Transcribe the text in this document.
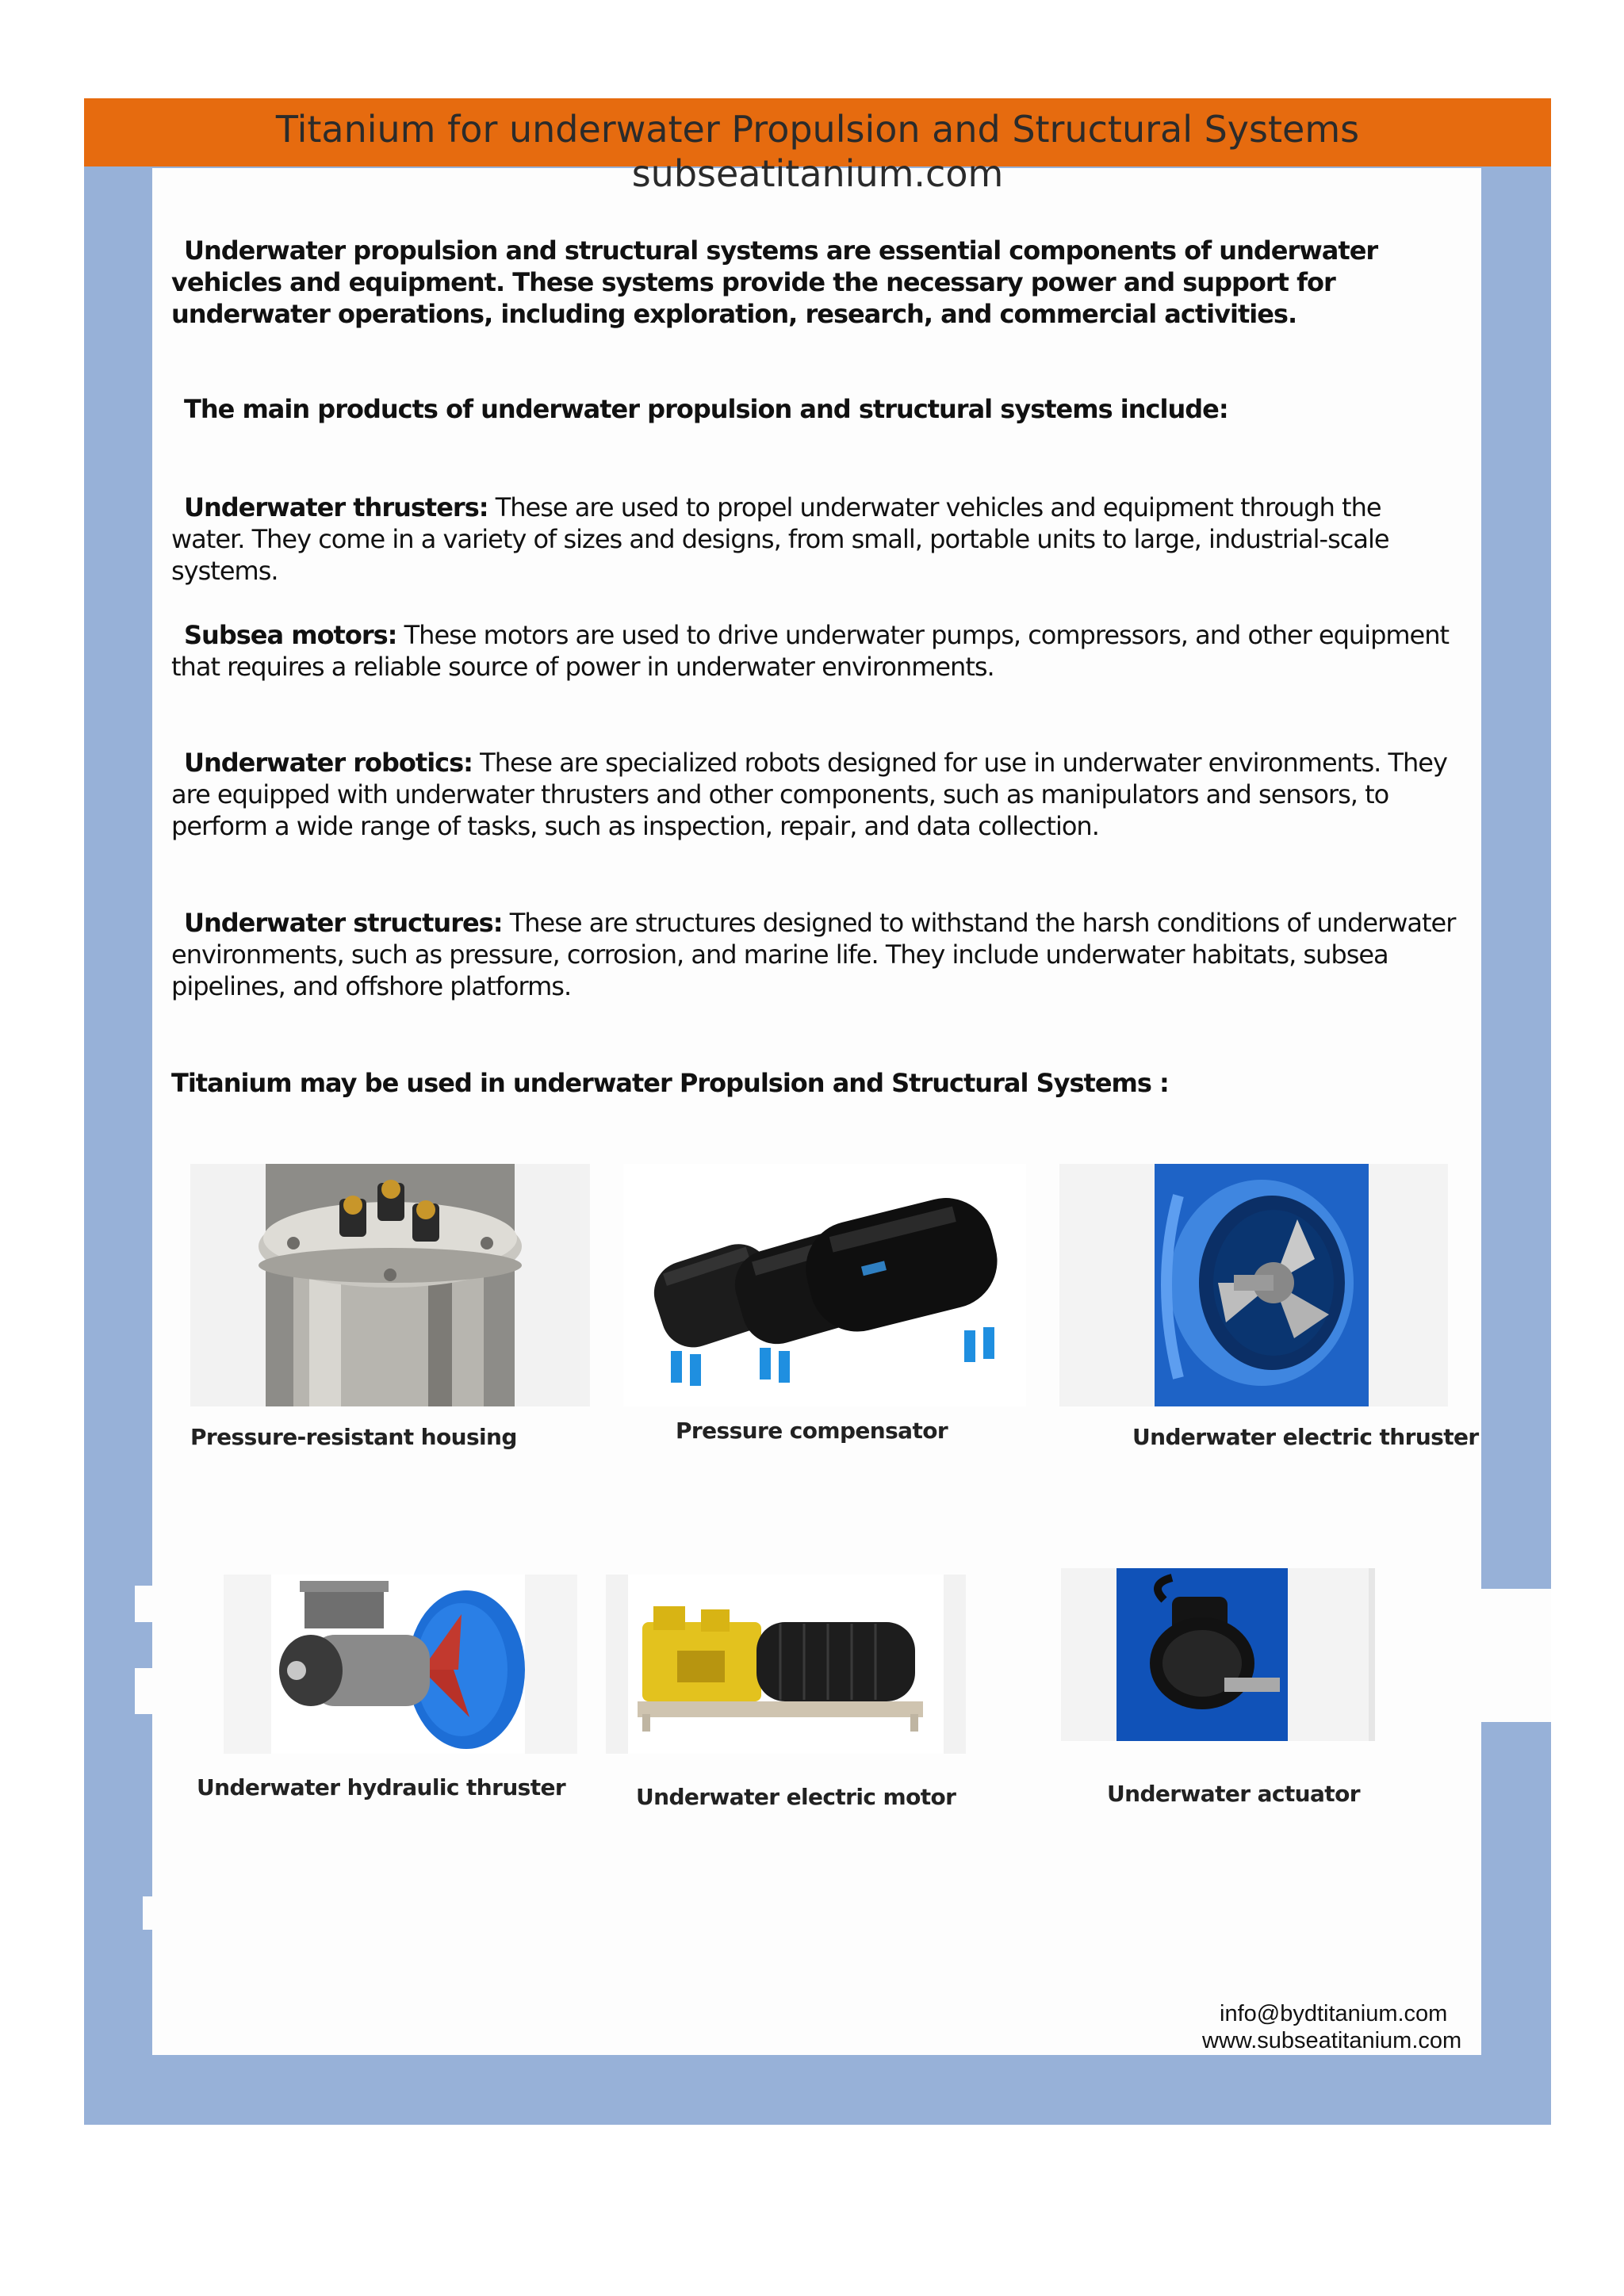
Titanium for underwater Propulsion and Structural Systems
subseatitanium.com

Underwater propulsion and structural systems are essential components of underwater vehicles and equipment. These systems provide the necessary power and support for underwater operations, including exploration, research, and commercial activities.

The main products of underwater propulsion and structural systems include:

Underwater thrusters: These are used to propel underwater vehicles and equipment through the water. They come in a variety of sizes and designs, from small, portable units to large, industrial-scale systems.

Subsea motors: These motors are used to drive underwater pumps, compressors, and other equipment that requires a reliable source of power in underwater environments.

Underwater robotics: These are specialized robots designed for use in underwater environments. They are equipped with underwater thrusters and other components, such as manipulators and sensors, to perform a wide range of tasks, such as inspection, repair, and data collection.

Underwater structures: These are structures designed to withstand the harsh conditions of underwater environments, such as pressure, corrosion, and marine life. They include underwater habitats, subsea pipelines, and offshore platforms.

Titanium may be used in underwater Propulsion and Structural Systems :

Pressure-resistant housing	Pressure compensator	Underwater electric thruster
Underwater hydraulic thruster	Underwater electric motor	Underwater actuator
info@bydtitanium.com
www.subseatitanium.com
